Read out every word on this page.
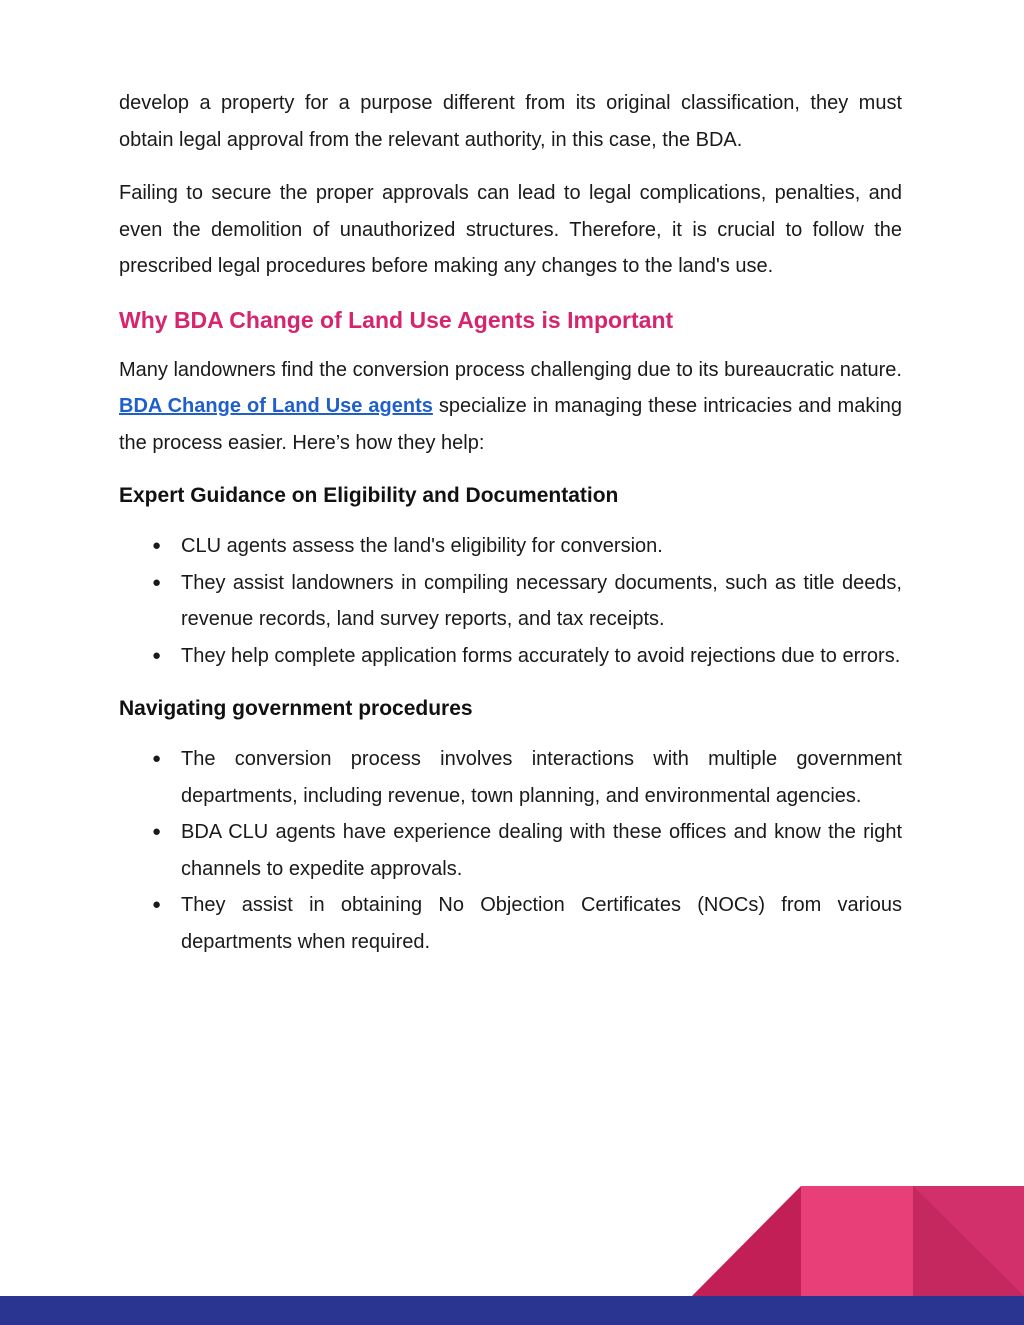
develop a property for a purpose different from its original classification, they must obtain legal approval from the relevant authority, in this case, the BDA.

Failing to secure the proper approvals can lead to legal complications, penalties, and even the demolition of unauthorized structures. Therefore, it is crucial to follow the prescribed legal procedures before making any changes to the land's use.

Why BDA Change of Land Use Agents is Important

Many landowners find the conversion process challenging due to its bureaucratic nature. BDA Change of Land Use agents specialize in managing these intricacies and making the process easier. Here’s how they help:

Expert Guidance on Eligibility and Documentation
● CLU agents assess the land's eligibility for conversion.
● They assist landowners in compiling necessary documents, such as title deeds, revenue records, land survey reports, and tax receipts.
● They help complete application forms accurately to avoid rejections due to errors.
Navigating government procedures
● The conversion process involves interactions with multiple government departments, including revenue, town planning, and environmental agencies.
● BDA CLU agents have experience dealing with these offices and know the right channels to expedite approvals.
● They assist in obtaining No Objection Certificates (NOCs) from various departments when required.
